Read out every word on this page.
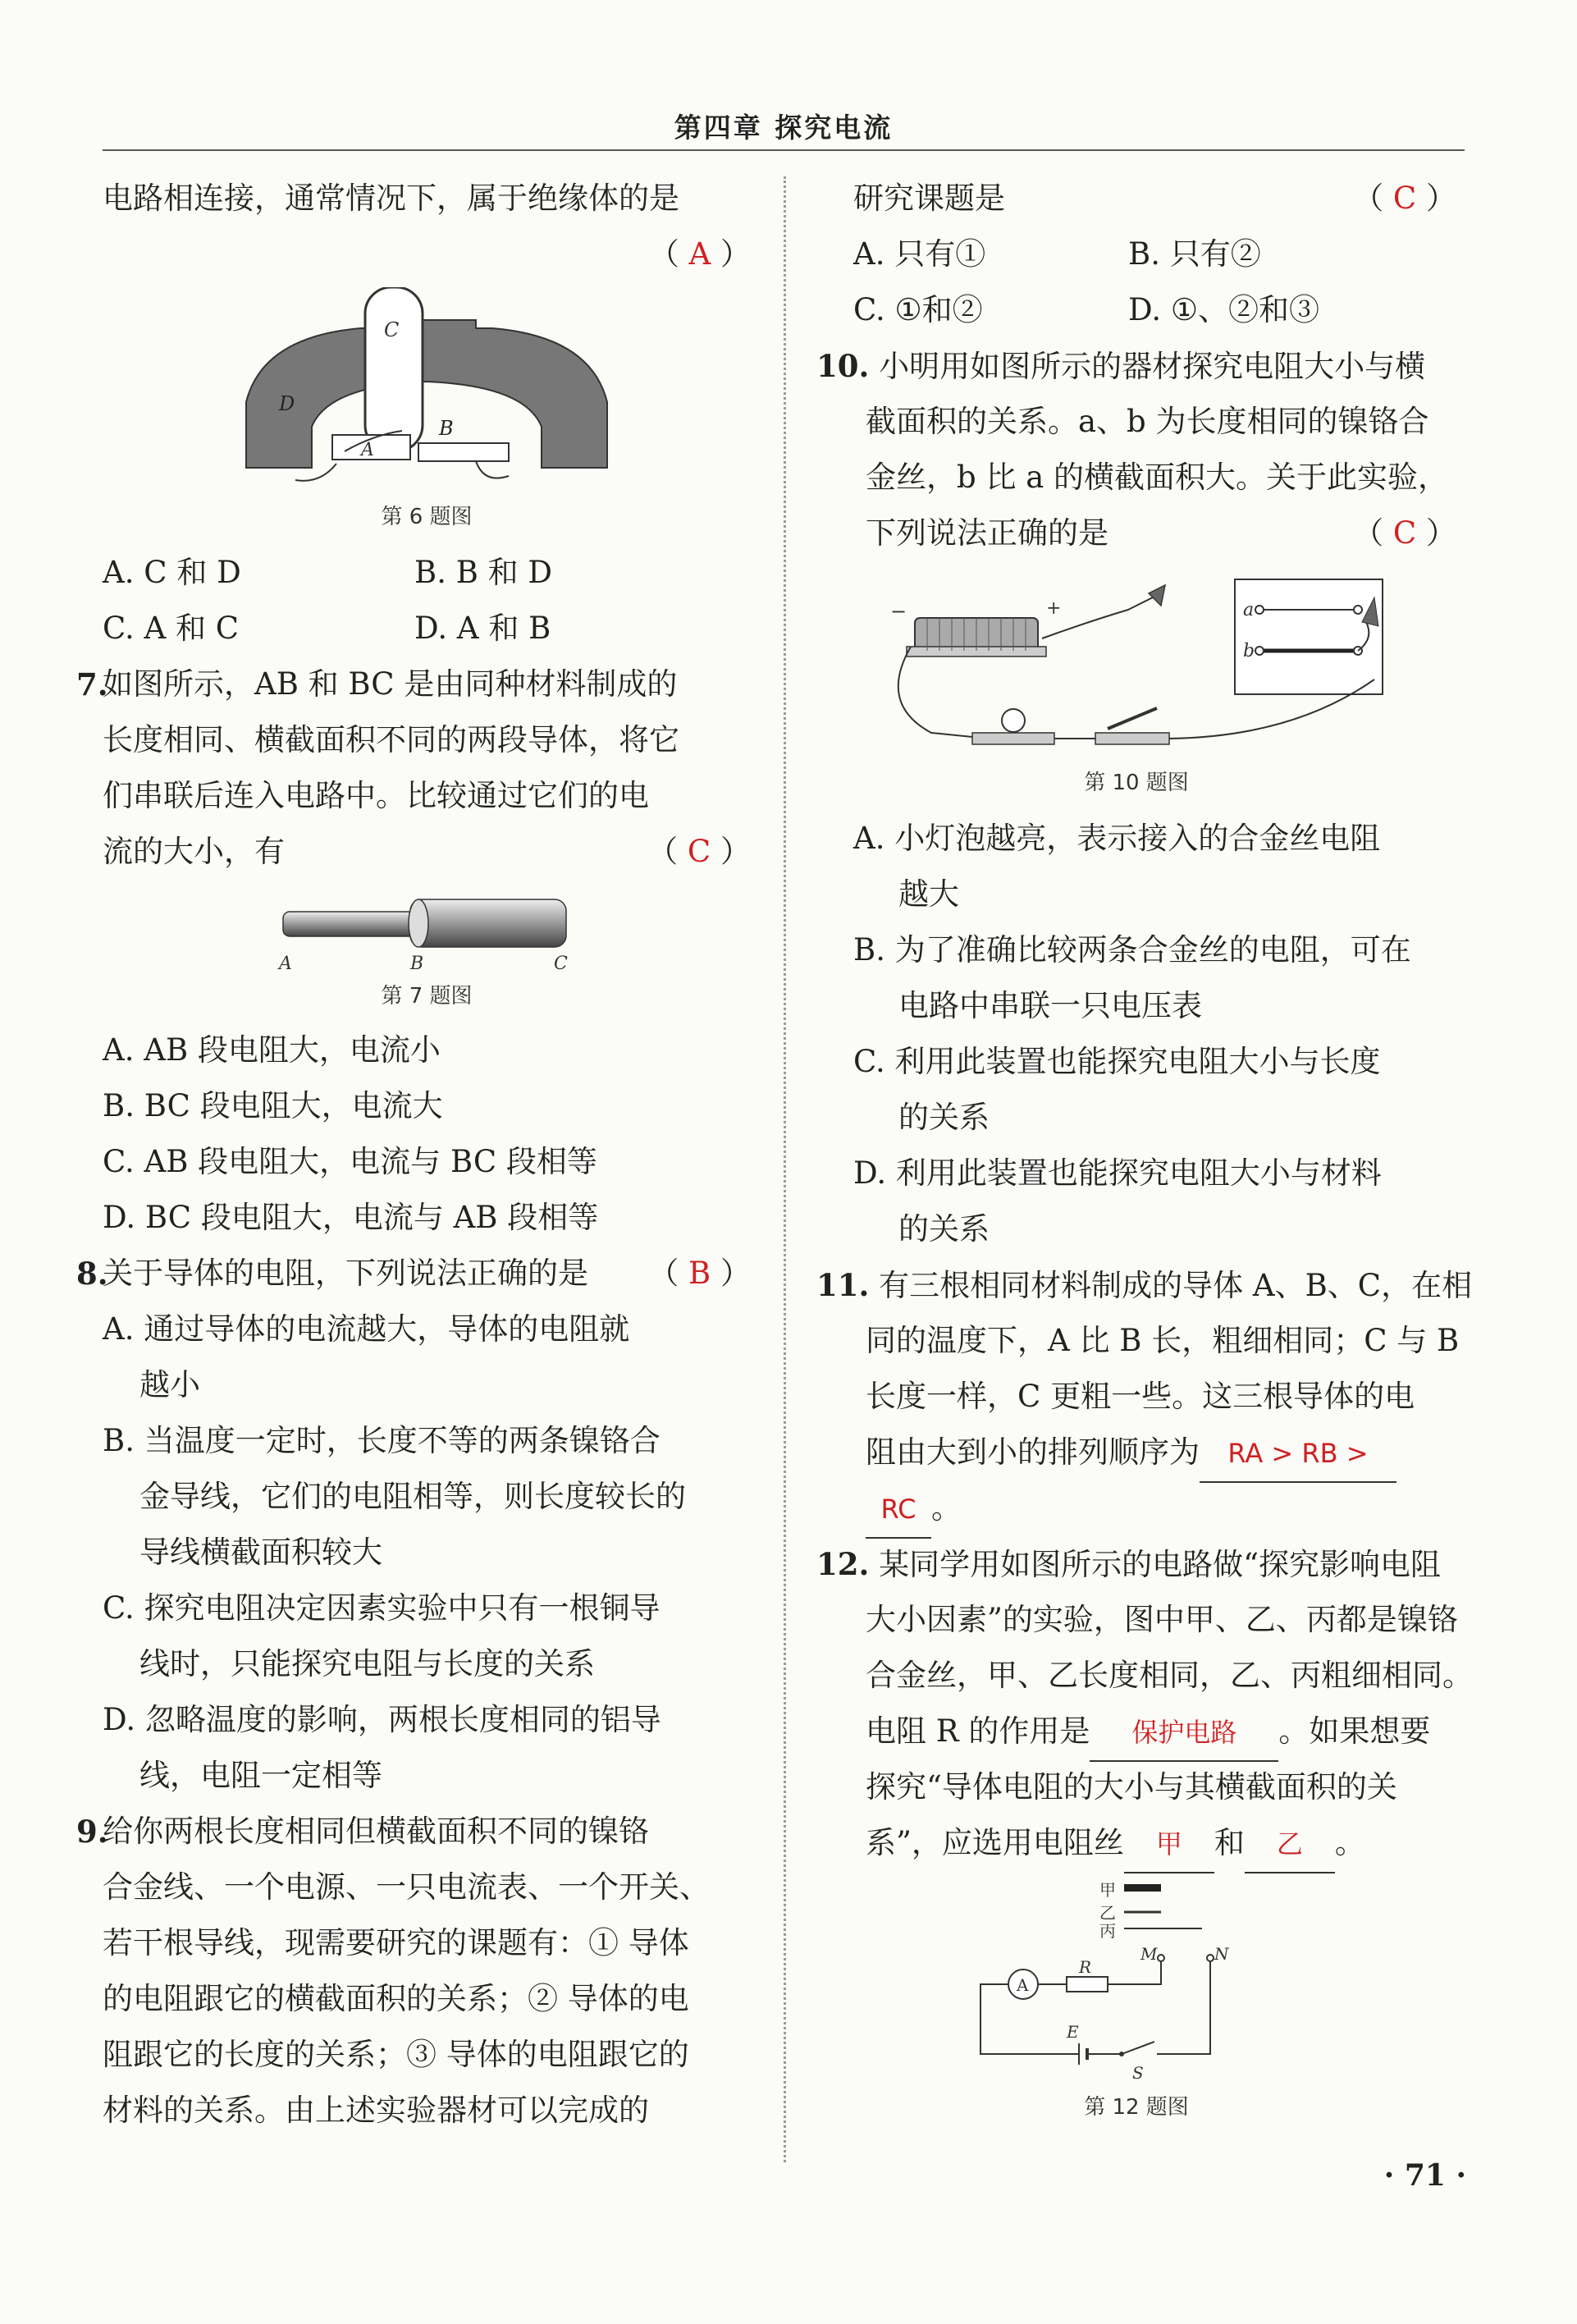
第四章 探究电流
电路相连接，通常情况下，属于绝缘体的是
（ A ）
C
D
A
B
第 6 题图
A. C 和 D	B. B 和 D
C. A 和 C	D. A 和 B
7.
如图所示，AB 和 BC 是由同种材料制成的
长度相同、横截面积不同的两段导体，将它
们串联后连入电路中。比较通过它们的电
流的大小，有	（ C ）
A	B	C
第 7 题图
A. AB 段电阻大，电流小
B. BC 段电阻大，电流大
C. AB 段电阻大，电流与 BC 段相等
D. BC 段电阻大，电流与 AB 段相等
8.
关于导体的电阻，下列说法正确的是 （ B ）
A. 通过导体的电流越大，导体的电阻就
越小
B. 当温度一定时，长度不等的两条镍铬合
金导线，它们的电阻相等，则长度较长的
导线横截面积较大
C. 探究电阻决定因素实验中只有一根铜导
线时，只能探究电阻与长度的关系
D. 忽略温度的影响，两根长度相同的铝导
线，电阻一定相等
9.
给你两根长度相同但横截面积不同的镍铬
合金线、一个电源、一只电流表、一个开关、
若干根导线，现需要研究的课题有：① 导体
的电阻跟它的横截面积的关系；② 导体的电
阻跟它的长度的关系；③ 导体的电阻跟它的
材料的关系。由上述实验器材可以完成的
研究课题是	（ C ）
A. 只有①	B. 只有②
C. ①和②	D. ①、②和③
10. 小明用如图所示的器材探究电阻大小与横
截面积的关系。a、b 为长度相同的镍铬合
金丝，b 比 a 的横截面积大。关于此实验，
下列说法正确的是	（ C ）
a
b
−	+
第 10 题图
A. 小灯泡越亮，表示接入的合金丝电阻
越大
B. 为了准确比较两条合金丝的电阻，可在
电路中串联一只电压表
C. 利用此装置也能探究电阻大小与长度
的关系
D. 利用此装置也能探究电阻大小与材料
的关系
11. 有三根相同材料制成的导体 A、B、C，在相
同的温度下，A 比 B 长，粗细相同；C 与 B
长度一样，C 更粗一些。这三根导体的电
阻由大到小的排列顺序为 RA > RB >
RC 。
12. 某同学用如图所示的电路做“探究影响电阻
大小因素”的实验，图中甲、乙、丙都是镍铬
合金丝，甲、乙长度相同，乙、丙粗细相同。
电阻 R 的作用是 保护电路 。如果想要
探究“导体电阻的大小与其横截面积的关
系”，应选用电阻丝 甲 和 乙 。
甲
乙
丙
M	N
R
A
E
S
第 12 题图
· 71 ·
